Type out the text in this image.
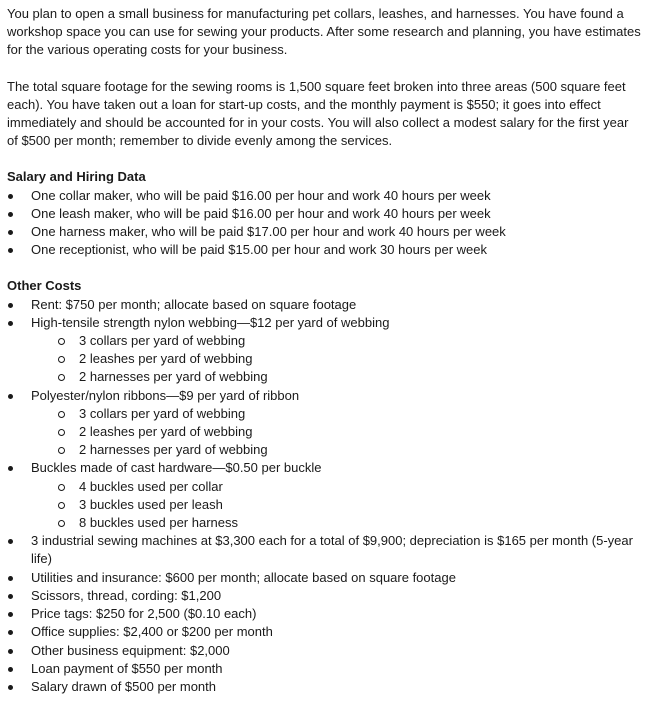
You plan to open a small business for manufacturing pet collars, leashes, and harnesses. You have found a workshop space you can use for sewing your products. After some research and planning, you have estimates for the various operating costs for your business.

The total square footage for the sewing rooms is 1,500 square feet broken into three areas (500 square feet each). You have taken out a loan for start-up costs, and the monthly payment is $550; it goes into effect immediately and should be accounted for in your costs. You will also collect a modest salary for the first year of $500 per month; remember to divide evenly among the services.

Salary and Hiring Data
One collar maker, who will be paid $16.00 per hour and work 40 hours per week
One leash maker, who will be paid $16.00 per hour and work 40 hours per week
One harness maker, who will be paid $17.00 per hour and work 40 hours per week
One receptionist, who will be paid $15.00 per hour and work 30 hours per week
Other Costs
Rent: $750 per month; allocate based on square footage
High-tensile strength nylon webbing—$12 per yard of webbing
3 collars per yard of webbing
2 leashes per yard of webbing
2 harnesses per yard of webbing
Polyester/nylon ribbons—$9 per yard of ribbon
3 collars per yard of webbing
2 leashes per yard of webbing
2 harnesses per yard of webbing
Buckles made of cast hardware—$0.50 per buckle
4 buckles used per collar
3 buckles used per leash
8 buckles used per harness
3 industrial sewing machines at $3,300 each for a total of $9,900; depreciation is $165 per month (5-year life)
Utilities and insurance: $600 per month; allocate based on square footage
Scissors, thread, cording: $1,200
Price tags: $250 for 2,500 ($0.10 each)
Office supplies: $2,400 or $200 per month
Other business equipment: $2,000
Loan payment of $550 per month
Salary drawn of $500 per month
